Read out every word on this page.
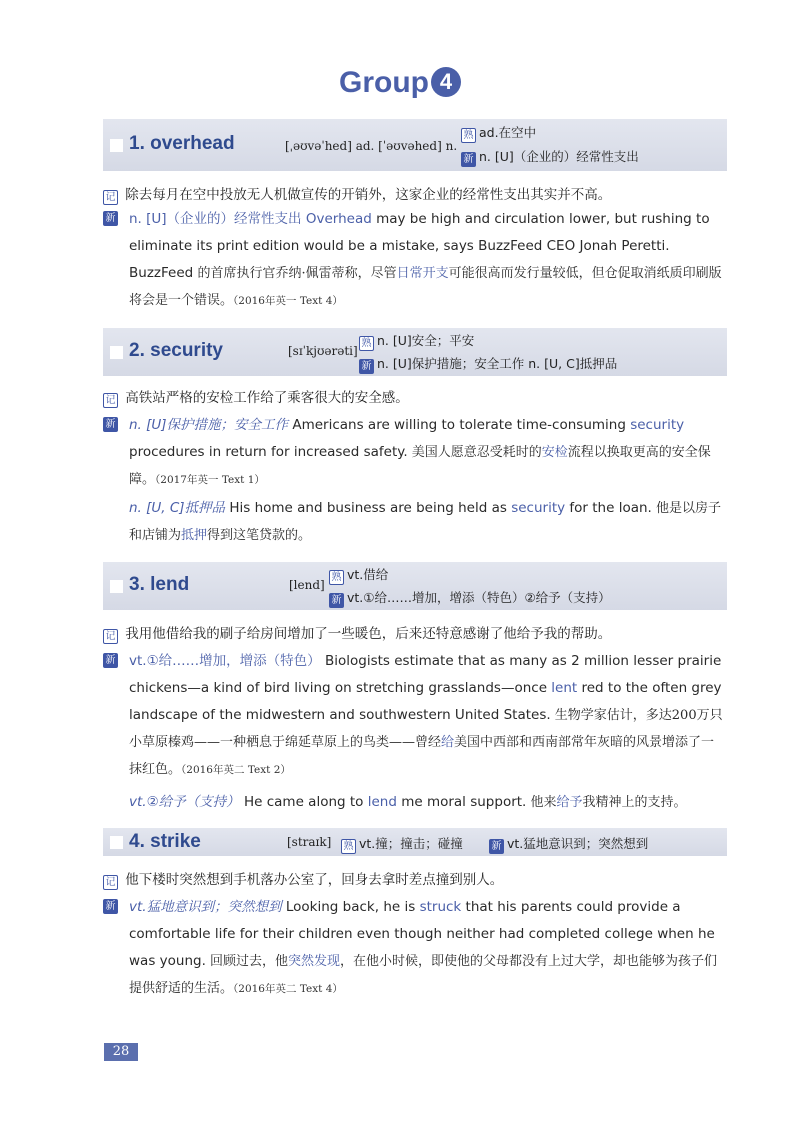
Group 4
1. overhead	[ˌəʊvəˈhed] ad. [ˈəʊvəhed] n.
熟 ad.在空中
新 n. [U]（企业的）经常性支出
记 除去每月在空中投放无人机做宣传的开销外，这家企业的经常性支出其实并不高。
新 n. [U]（企业的）经常性支出 Overhead may be high and circulation lower, but rushing to eliminate its print edition would be a mistake, says BuzzFeed CEO Jonah Peretti. BuzzFeed 的首席执行官乔纳·佩雷蒂称，尽管日常开支可能很高而发行量较低，但仓促取消纸质印刷版将会是一个错误。（2016年英一 Text 4）
2. security	[sɪˈkjʊərəti]
熟 n. [U]安全；平安
新 n. [U]保护措施；安全工作 n. [U, C]抵押品
记 高铁站严格的安检工作给了乘客很大的安全感。
新 n. [U]保护措施；安全工作 Americans are willing to tolerate time-consuming security procedures in return for increased safety. 美国人愿意忍受耗时的安检流程以换取更高的安全保障。（2017年英一 Text 1）
n. [U, C]抵押品 His home and business are being held as security for the loan. 他是以房子和店铺为抵押得到这笔贷款的。
3. lend	[lend]
熟 vt.借给
新 vt.①给……增加，增添（特色）②给予（支持）
记 我用他借给我的刷子给房间增加了一些暖色，后来还特意感谢了他给予我的帮助。
新 vt.①给……增加，增添（特色） Biologists estimate that as many as 2 million lesser prairie chickens—a kind of bird living on stretching grasslands—once lent red to the often grey landscape of the midwestern and southwestern United States. 生物学家估计，多达200万只小草原榛鸡——一种栖息于绵延草原上的鸟类——曾经给美国中西部和西南部常年灰暗的风景增添了一抹红色。（2016年英二 Text 2）
vt.②给予（支持） He came along to lend me moral support. 他来给予我精神上的支持。
4. strike	[straɪk] 熟 vt.撞；撞击；碰撞	新 vt.猛地意识到；突然想到
记 他下楼时突然想到手机落办公室了，回身去拿时差点撞到别人。
新 vt.猛地意识到；突然想到 Looking back, he is struck that his parents could provide a comfortable life for their children even though neither had completed college when he was young. 回顾过去，他突然发现，在他小时候，即使他的父母都没有上过大学，却也能够为孩子们提供舒适的生活。（2016年英二 Text 4）
28
